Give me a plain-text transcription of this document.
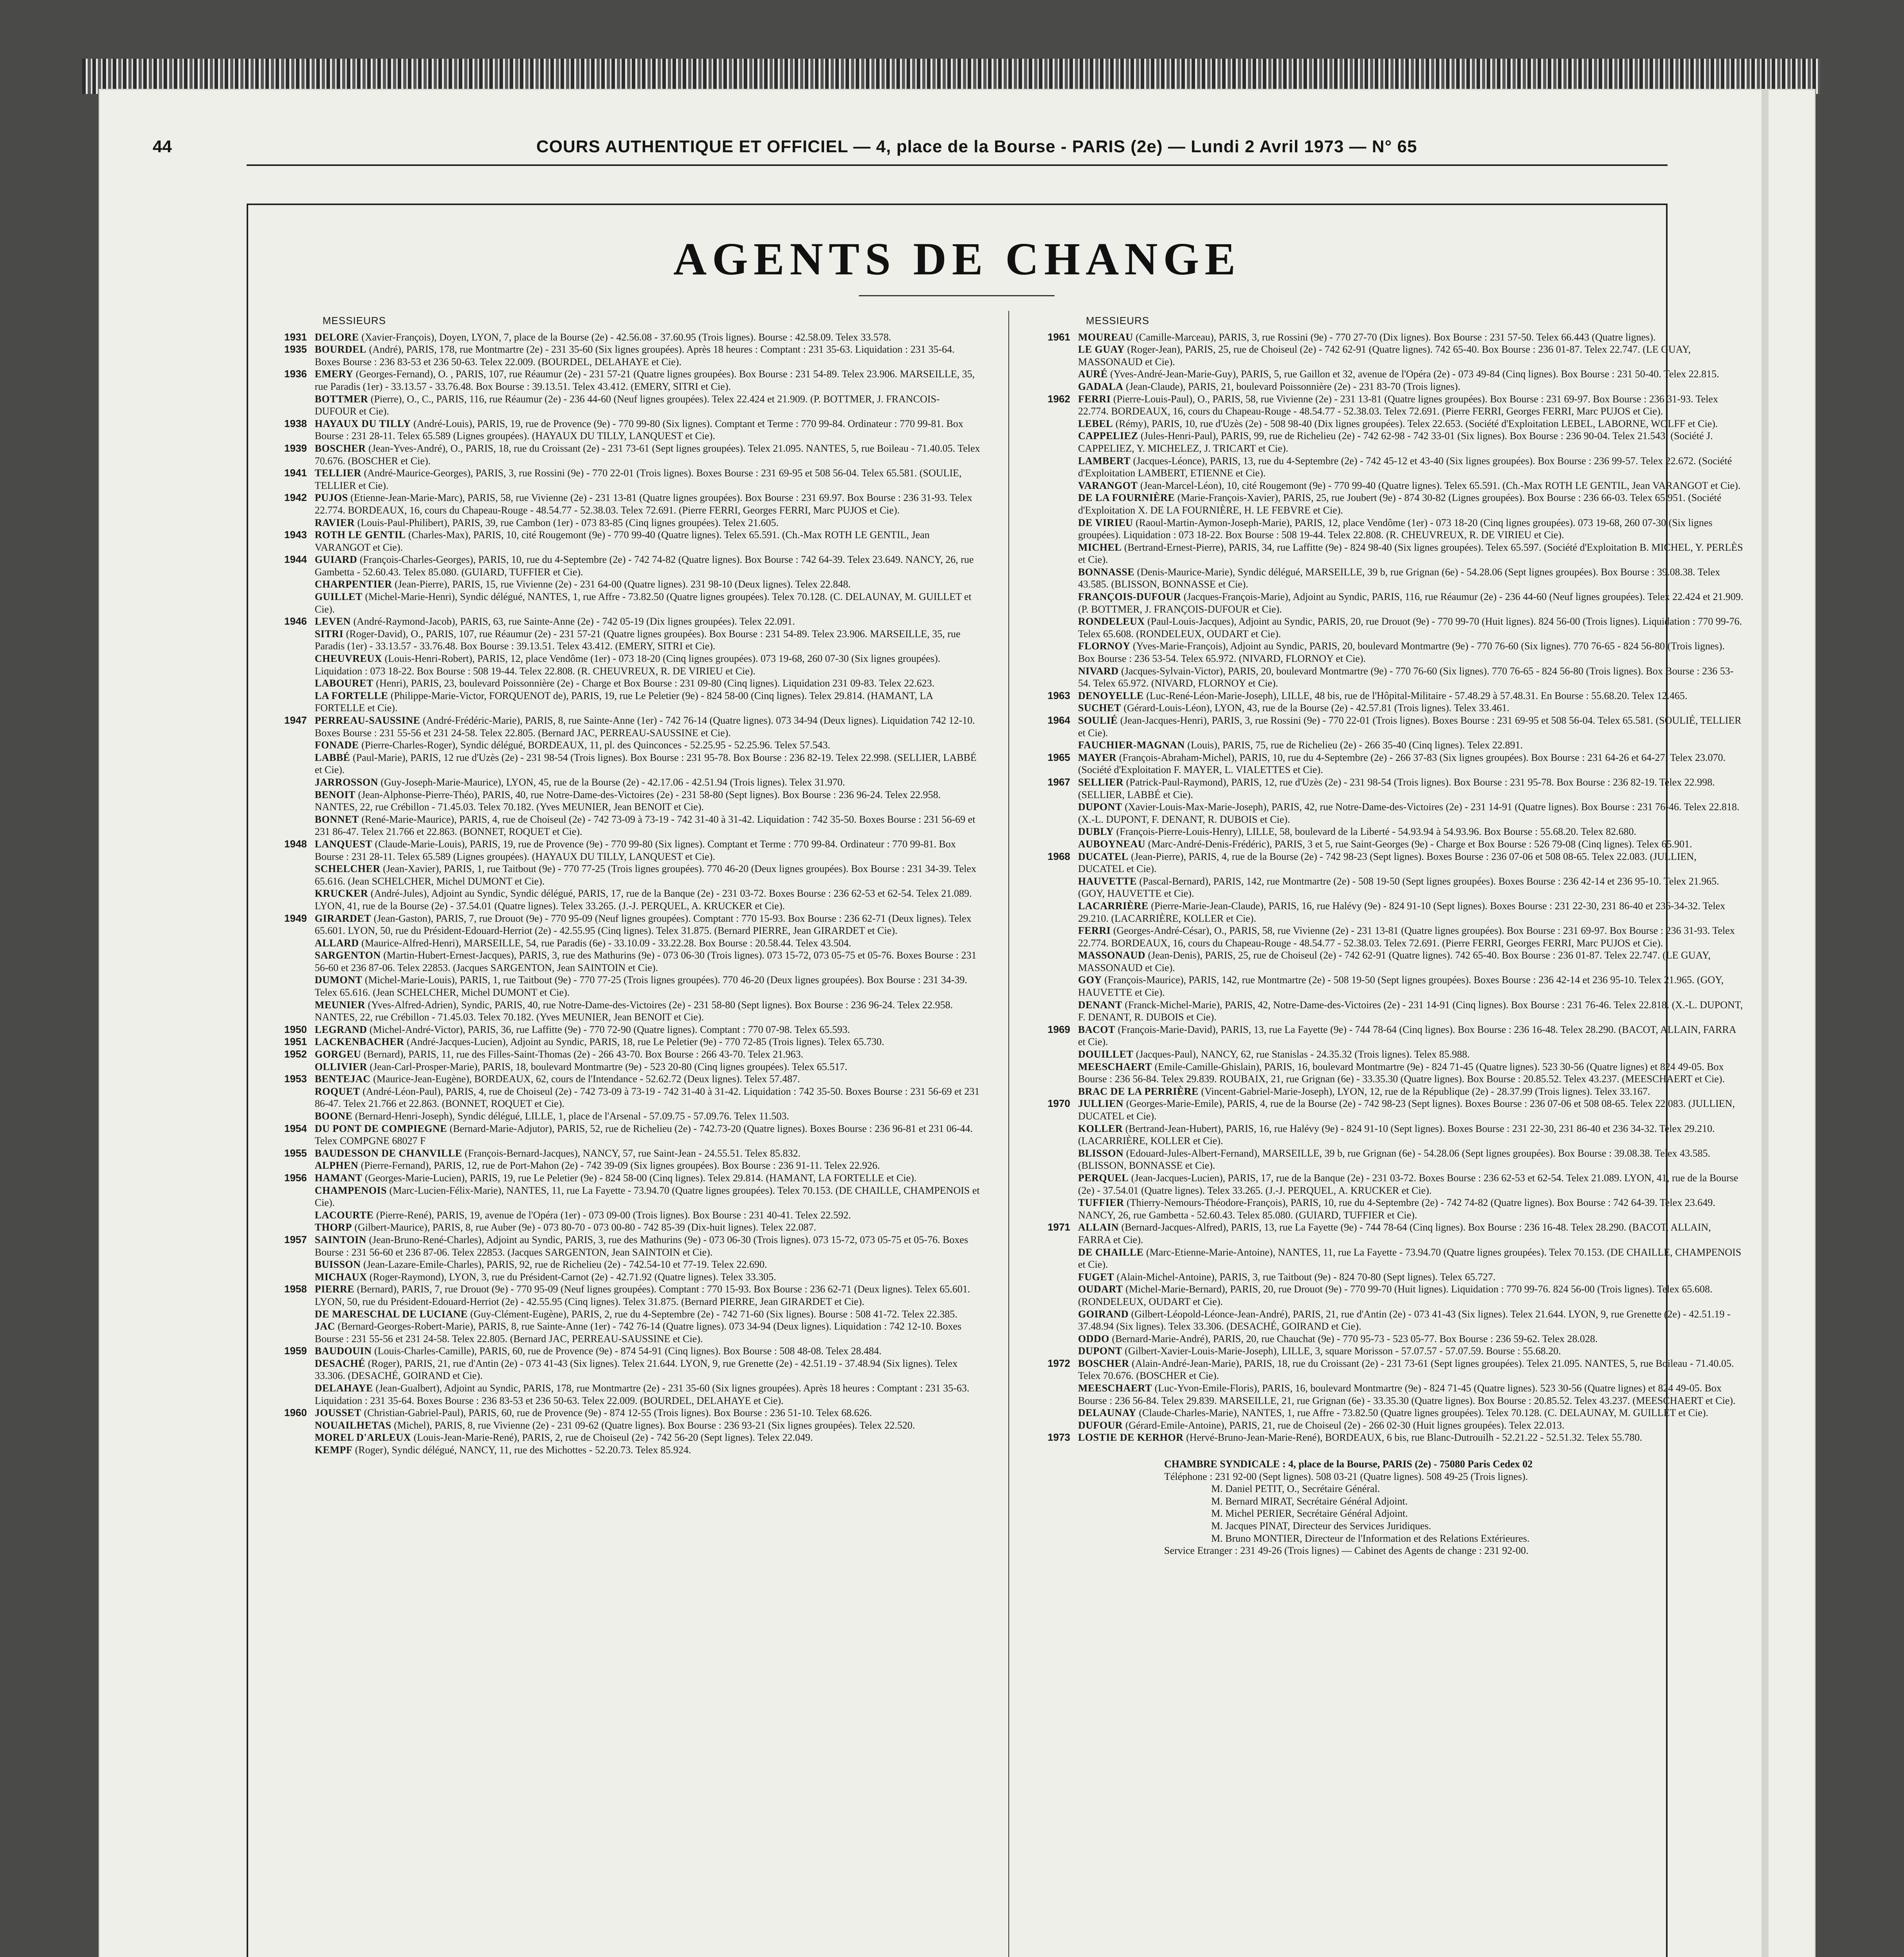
44	COURS AUTHENTIQUE ET OFFICIEL — 4, place de la Bourse - PARIS (2e) — Lundi 2 Avril 1973 — N° 65
AGENTS DE CHANGE
MESSIEURS
1931 DELORE (Xavier-François), Doyen, LYON, 7, place de la Bourse (2e) - 42.56.08 - 37.60.95 (Trois lignes). Bourse : 42.58.09. Telex 33.578.
1935 BOURDEL (André), PARIS, 178, rue Montmartre (2e) - 231 35-60 (Six lignes groupées). Après 18 heures : Comptant : 231 35-63. Liquidation : 231 35-64. Boxes Bourse : 236 83-53 et 236 50-63. Telex 22.009. (BOURDEL, DELAHAYE et Cie).
1936 EMERY (Georges-Fernand), O. , PARIS, 107, rue Réaumur (2e) - 231 57-21 (Quatre lignes groupées). Box Bourse : 231 54-89. Telex 23.906. MARSEILLE, 35, rue Paradis (1er) - 33.13.57 - 33.76.48. Box Bourse : 39.13.51. Telex 43.412. (EMERY, SITRI et Cie).
BOTTMER (Pierre), O., C., PARIS, 116, rue Réaumur (2e) - 236 44-60 (Neuf lignes groupées). Telex 22.424 et 21.909. (P. BOTTMER, J. FRANCOIS-DUFOUR et Cie).
1938 HAYAUX DU TILLY (André-Louis), PARIS, 19, rue de Provence (9e) - 770 99-80 (Six lignes). Comptant et Terme : 770 99-84. Ordinateur : 770 99-81. Box Bourse : 231 28-11. Telex 65.589 (Lignes groupées). (HAYAUX DU TILLY, LANQUEST et Cie).
1939 BOSCHER (Jean-Yves-André), O., PARIS, 18, rue du Croissant (2e) - 231 73-61 (Sept lignes groupées). Telex 21.095. NANTES, 5, rue Boileau - 71.40.05. Telex 70.676. (BOSCHER et Cie).
1941 TELLIER (André-Maurice-Georges), PARIS, 3, rue Rossini (9e) - 770 22-01 (Trois lignes). Boxes Bourse : 231 69-95 et 508 56-04. Telex 65.581. (SOULIE, TELLIER et Cie).
1942 PUJOS (Etienne-Jean-Marie-Marc), PARIS, 58, rue Vivienne (2e) - 231 13-81 (Quatre lignes groupées). Box Bourse : 231 69.97. Box Bourse : 236 31-93. Telex 22.774. BORDEAUX, 16, cours du Chapeau-Rouge - 48.54.77 - 52.38.03. Telex 72.691. (Pierre FERRI, Georges FERRI, Marc PUJOS et Cie).
RAVIER (Louis-Paul-Philibert), PARIS, 39, rue Cambon (1er) - 073 83-85 (Cinq lignes groupées). Telex 21.605.
1943 ROTH LE GENTIL (Charles-Max), PARIS, 10, cité Rougemont (9e) - 770 99-40 (Quatre lignes). Telex 65.591. (Ch.-Max ROTH LE GENTIL, Jean VARANGOT et Cie).
1944 GUIARD (François-Charles-Georges), PARIS, 10, rue du 4-Septembre (2e) - 742 74-82 (Quatre lignes). Box Bourse : 742 64-39. Telex 23.649. NANCY, 26, rue Gambetta - 52.60.43. Telex 85.080. (GUIARD, TUFFIER et Cie).
CHARPENTIER (Jean-Pierre), PARIS, 15, rue Vivienne (2e) - 231 64-00 (Quatre lignes). 231 98-10 (Deux lignes). Telex 22.848.
GUILLET (Michel-Marie-Henri), Syndic délégué, NANTES, 1, rue Affre - 73.82.50 (Quatre lignes groupées). Telex 70.128. (C. DELAUNAY, M. GUILLET et Cie).
1946 LEVEN (André-Raymond-Jacob), PARIS, 63, rue Sainte-Anne (2e) - 742 05-19 (Dix lignes groupées). Telex 22.091.
SITRI (Roger-David), O., PARIS, 107, rue Réaumur (2e) - 231 57-21 (Quatre lignes groupées). Box Bourse : 231 54-89. Telex 23.906. MARSEILLE, 35, rue Paradis (1er) - 33.13.57 - 33.76.48. Box Bourse : 39.13.51. Telex 43.412. (EMERY, SITRI et Cie).
CHEUVREUX (Louis-Henri-Robert), PARIS, 12, place Vendôme (1er) - 073 18-20 (Cinq lignes groupées). 073 19-68, 260 07-30 (Six lignes groupées). Liquidation : 073 18-22. Box Bourse : 508 19-44. Telex 22.808. (R. CHEUVREUX, R. DE VIRIEU et Cie).
LABOURET (Henri), PARIS, 23, boulevard Poissonnière (2e) - Charge et Box Bourse : 231 09-80 (Cinq lignes). Liquidation 231 09-83. Telex 22.623.
LA FORTELLE (Philippe-Marie-Victor, FORQUENOT de), PARIS, 19, rue Le Peletier (9e) - 824 58-00 (Cinq lignes). Telex 29.814. (HAMANT, LA FORTELLE et Cie).
1947 PERREAU-SAUSSINE (André-Frédéric-Marie), PARIS, 8, rue Sainte-Anne (1er) - 742 76-14 (Quatre lignes). 073 34-94 (Deux lignes). Liquidation 742 12-10. Boxes Bourse : 231 55-56 et 231 24-58. Telex 22.805. (Bernard JAC, PERREAU-SAUSSINE et Cie).
FONADE (Pierre-Charles-Roger), Syndic délégué, BORDEAUX, 11, pl. des Quinconces - 52.25.95 - 52.25.96. Telex 57.543.
LABBÉ (Paul-Marie), PARIS, 12 rue d'Uzès (2e) - 231 98-54 (Trois lignes). Box Bourse : 231 95-78. Box Bourse : 236 82-19. Telex 22.998. (SELLIER, LABBÉ et Cie).
JARROSSON (Guy-Joseph-Marie-Maurice), LYON, 45, rue de la Bourse (2e) - 42.17.06 - 42.51.94 (Trois lignes). Telex 31.970.
BENOIT (Jean-Alphonse-Pierre-Théo), PARIS, 40, rue Notre-Dame-des-Victoires (2e) - 231 58-80 (Sept lignes). Box Bourse : 236 96-24. Telex 22.958. NANTES, 22, rue Crébillon - 71.45.03. Telex 70.182. (Yves MEUNIER, Jean BENOIT et Cie).
BONNET (René-Marie-Maurice), PARIS, 4, rue de Choiseul (2e) - 742 73-09 à 73-19 - 742 31-40 à 31-42. Liquidation : 742 35-50. Boxes Bourse : 231 56-69 et 231 86-47. Telex 21.766 et 22.863. (BONNET, ROQUET et Cie).
1948 LANQUEST (Claude-Marie-Louis), PARIS, 19, rue de Provence (9e) - 770 99-80 (Six lignes). Comptant et Terme : 770 99-84. Ordinateur : 770 99-81. Box Bourse : 231 28-11. Telex 65.589 (Lignes groupées). (HAYAUX DU TILLY, LANQUEST et Cie).
SCHELCHER (Jean-Xavier), PARIS, 1, rue Taitbout (9e) - 770 77-25 (Trois lignes groupées). 770 46-20 (Deux lignes groupées). Box Bourse : 231 34-39. Telex 65.616. (Jean SCHELCHER, Michel DUMONT et Cie).
KRUCKER (André-Jules), Adjoint au Syndic, Syndic délégué, PARIS, 17, rue de la Banque (2e) - 231 03-72. Boxes Bourse : 236 62-53 et 62-54. Telex 21.089. LYON, 41, rue de la Bourse (2e) - 37.54.01 (Quatre lignes). Telex 33.265. (J.-J. PERQUEL, A. KRUCKER et Cie).
1949 GIRARDET (Jean-Gaston), PARIS, 7, rue Drouot (9e) - 770 95-09 (Neuf lignes groupées). Comptant : 770 15-93. Box Bourse : 236 62-71 (Deux lignes). Telex 65.601. LYON, 50, rue du Président-Edouard-Herriot (2e) - 42.55.95 (Cinq lignes). Telex 31.875. (Bernard PIERRE, Jean GIRARDET et Cie).
ALLARD (Maurice-Alfred-Henri), MARSEILLE, 54, rue Paradis (6e) - 33.10.09 - 33.22.28. Box Bourse : 20.58.44. Telex 43.504.
SARGENTON (Martin-Hubert-Ernest-Jacques), PARIS, 3, rue des Mathurins (9e) - 073 06-30 (Trois lignes). 073 15-72, 073 05-75 et 05-76. Boxes Bourse : 231 56-60 et 236 87-06. Telex 22853. (Jacques SARGENTON, Jean SAINTOIN et Cie).
DUMONT (Michel-Marie-Louis), PARIS, 1, rue Taitbout (9e) - 770 77-25 (Trois lignes groupées). 770 46-20 (Deux lignes groupées). Box Bourse : 231 34-39. Telex 65.616. (Jean SCHELCHER, Michel DUMONT et Cie).
MEUNIER (Yves-Alfred-Adrien), Syndic, PARIS, 40, rue Notre-Dame-des-Victoires (2e) - 231 58-80 (Sept lignes). Box Bourse : 236 96-24. Telex 22.958. NANTES, 22, rue Crébillon - 71.45.03. Telex 70.182. (Yves MEUNIER, Jean BENOIT et Cie).
1950 LEGRAND (Michel-André-Victor), PARIS, 36, rue Laffitte (9e) - 770 72-90 (Quatre lignes). Comptant : 770 07-98. Telex 65.593.
1951 LACKENBACHER (André-Jacques-Lucien), Adjoint au Syndic, PARIS, 18, rue Le Peletier (9e) - 770 72-85 (Trois lignes). Telex 65.730.
1952 GORGEU (Bernard), PARIS, 11, rue des Filles-Saint-Thomas (2e) - 266 43-70. Box Bourse : 266 43-70. Telex 21.963.
OLLIVIER (Jean-Carl-Prosper-Marie), PARIS, 18, boulevard Montmartre (9e) - 523 20-80 (Cinq lignes groupées). Telex 65.517.
1953 BENTEJAC (Maurice-Jean-Eugène), BORDEAUX, 62, cours de l'Intendance - 52.62.72 (Deux lignes). Telex 57.487.
ROQUET (André-Léon-Paul), PARIS, 4, rue de Choiseul (2e) - 742 73-09 à 73-19 - 742 31-40 à 31-42. Liquidation : 742 35-50. Boxes Bourse : 231 56-69 et 231 86-47. Telex 21.766 et 22.863. (BONNET, ROQUET et Cie).
BOONE (Bernard-Henri-Joseph), Syndic délégué, LILLE, 1, place de l'Arsenal - 57.09.75 - 57.09.76. Telex 11.503.
1954 DU PONT DE COMPIEGNE (Bernard-Marie-Adjutor), PARIS, 52, rue de Richelieu (2e) - 742.73-20 (Quatre lignes). Boxes Bourse : 236 96-81 et 231 06-44. Telex COMPGNE 68027 F
1955 BAUDESSON DE CHANVILLE (François-Bernard-Jacques), NANCY, 57, rue Saint-Jean - 24.55.51. Telex 85.832.
ALPHEN (Pierre-Fernand), PARIS, 12, rue de Port-Mahon (2e) - 742 39-09 (Six lignes groupées). Box Bourse : 236 91-11. Telex 22.926.
1956 HAMANT (Georges-Marie-Lucien), PARIS, 19, rue Le Peletier (9e) - 824 58-00 (Cinq lignes). Telex 29.814. (HAMANT, LA FORTELLE et Cie).
CHAMPENOIS (Marc-Lucien-Félix-Marie), NANTES, 11, rue La Fayette - 73.94.70 (Quatre lignes groupées). Telex 70.153. (DE CHAILLE, CHAMPENOIS et Cie).
LACOURTE (Pierre-René), PARIS, 19, avenue de l'Opéra (1er) - 073 09-00 (Trois lignes). Box Bourse : 231 40-41. Telex 22.592.
THORP (Gilbert-Maurice), PARIS, 8, rue Auber (9e) - 073 80-70 - 073 00-80 - 742 85-39 (Dix-huit lignes). Telex 22.087.
1957 SAINTOIN (Jean-Bruno-René-Charles), Adjoint au Syndic, PARIS, 3, rue des Mathurins (9e) - 073 06-30 (Trois lignes). 073 15-72, 073 05-75 et 05-76. Boxes Bourse : 231 56-60 et 236 87-06. Telex 22853. (Jacques SARGENTON, Jean SAINTOIN et Cie).
BUISSON (Jean-Lazare-Emile-Charles), PARIS, 92, rue de Richelieu (2e) - 742.54-10 et 77-19. Telex 22.690.
MICHAUX (Roger-Raymond), LYON, 3, rue du Président-Carnot (2e) - 42.71.92 (Quatre lignes). Telex 33.305.
1958 PIERRE (Bernard), PARIS, 7, rue Drouot (9e) - 770 95-09 (Neuf lignes groupées). Comptant : 770 15-93. Box Bourse : 236 62-71 (Deux lignes). Telex 65.601. LYON, 50, rue du Président-Edouard-Herriot (2e) - 42.55.95 (Cinq lignes). Telex 31.875. (Bernard PIERRE, Jean GIRARDET et Cie).
DE MARESCHAL DE LUCIANE (Guy-Clément-Eugène), PARIS, 2, rue du 4-Septembre (2e) - 742 71-60 (Six lignes). Bourse : 508 41-72. Telex 22.385.
JAC (Bernard-Georges-Robert-Marie), PARIS, 8, rue Sainte-Anne (1er) - 742 76-14 (Quatre lignes). 073 34-94 (Deux lignes). Liquidation : 742 12-10. Boxes Bourse : 231 55-56 et 231 24-58. Telex 22.805. (Bernard JAC, PERREAU-SAUSSINE et Cie).
1959 BAUDOUIN (Louis-Charles-Camille), PARIS, 60, rue de Provence (9e) - 874 54-91 (Cinq lignes). Box Bourse : 508 48-08. Telex 28.484.
DESACHÉ (Roger), PARIS, 21, rue d'Antin (2e) - 073 41-43 (Six lignes). Telex 21.644. LYON, 9, rue Grenette (2e) - 42.51.19 - 37.48.94 (Six lignes). Telex 33.306. (DESACHÉ, GOIRAND et Cie).
DELAHAYE (Jean-Gualbert), Adjoint au Syndic, PARIS, 178, rue Montmartre (2e) - 231 35-60 (Six lignes groupées). Après 18 heures : Comptant : 231 35-63. Liquidation : 231 35-64. Boxes Bourse : 236 83-53 et 236 50-63. Telex 22.009. (BOURDEL, DELAHAYE et Cie).
1960 JOUSSET (Christian-Gabriel-Paul), PARIS, 60, rue de Provence (9e) - 874 12-55 (Trois lignes). Box Bourse : 236 51-10. Telex 68.626.
NOUAILHETAS (Michel), PARIS, 8, rue Vivienne (2e) - 231 09-62 (Quatre lignes). Box Bourse : 236 93-21 (Six lignes groupées). Telex 22.520.
MOREL D'ARLEUX (Louis-Jean-Marie-René), PARIS, 2, rue de Choiseul (2e) - 742 56-20 (Sept lignes). Telex 22.049.
KEMPF (Roger), Syndic délégué, NANCY, 11, rue des Michottes - 52.20.73. Telex 85.924.
MESSIEURS
1961 MOUREAU (Camille-Marceau), PARIS, 3, rue Rossini (9e) - 770 27-70 (Dix lignes). Box Bourse : 231 57-50. Telex 66.443 (Quatre lignes).
LE GUAY (Roger-Jean), PARIS, 25, rue de Choiseul (2e) - 742 62-91 (Quatre lignes). 742 65-40. Box Bourse : 236 01-87. Telex 22.747. (LE GUAY, MASSONAUD et Cie).
AURÉ (Yves-André-Jean-Marie-Guy), PARIS, 5, rue Gaillon et 32, avenue de l'Opéra (2e) - 073 49-84 (Cinq lignes). Box Bourse : 231 50-40. Telex 22.815.
GADALA (Jean-Claude), PARIS, 21, boulevard Poissonnière (2e) - 231 83-70 (Trois lignes).
1962 FERRI (Pierre-Louis-Paul), O., PARIS, 58, rue Vivienne (2e) - 231 13-81 (Quatre lignes groupées). Box Bourse : 231 69-97. Box Bourse : 236 31-93. Telex 22.774. BORDEAUX, 16, cours du Chapeau-Rouge - 48.54.77 - 52.38.03. Telex 72.691. (Pierre FERRI, Georges FERRI, Marc PUJOS et Cie).
LEBEL (Rémy), PARIS, 10, rue d'Uzès (2e) - 508 98-40 (Dix lignes groupées). Telex 22.653. (Société d'Exploitation LEBEL, LABORNE, WOLFF et Cie).
CAPPELIEZ (Jules-Henri-Paul), PARIS, 99, rue de Richelieu (2e) - 742 62-98 - 742 33-01 (Six lignes). Box Bourse : 236 90-04. Telex 21.543. (Société J. CAPPELIEZ, Y. MICHELEZ, J. TRICART et Cie).
LAMBERT (Jacques-Léonce), PARIS, 13, rue du 4-Septembre (2e) - 742 45-12 et 43-40 (Six lignes groupées). Box Bourse : 236 99-57. Telex 22.672. (Société d'Exploitation LAMBERT, ETIENNE et Cie).
VARANGOT (Jean-Marcel-Léon), 10, cité Rougemont (9e) - 770 99-40 (Quatre lignes). Telex 65.591. (Ch.-Max ROTH LE GENTIL, Jean VARANGOT et Cie).
DE LA FOURNIÈRE (Marie-François-Xavier), PARIS, 25, rue Joubert (9e) - 874 30-82 (Lignes groupées). Box Bourse : 236 66-03. Telex 65.951. (Société d'Exploitation X. DE LA FOURNIÈRE, H. LE FEBVRE et Cie).
DE VIRIEU (Raoul-Martin-Aymon-Joseph-Marie), PARIS, 12, place Vendôme (1er) - 073 18-20 (Cinq lignes groupées). 073 19-68, 260 07-30 (Six lignes groupées). Liquidation : 073 18-22. Box Bourse : 508 19-44. Telex 22.808. (R. CHEUVREUX, R. DE VIRIEU et Cie).
MICHEL (Bertrand-Ernest-Pierre), PARIS, 34, rue Laffitte (9e) - 824 98-40 (Six lignes groupées). Telex 65.597. (Société d'Exploitation B. MICHEL, Y. PERLÈS et Cie).
BONNASSE (Denis-Maurice-Marie), Syndic délégué, MARSEILLE, 39 b, rue Grignan (6e) - 54.28.06 (Sept lignes groupées). Box Bourse : 39.08.38. Telex 43.585. (BLISSON, BONNASSE et Cie).
FRANÇOIS-DUFOUR (Jacques-François-Marie), Adjoint au Syndic, PARIS, 116, rue Réaumur (2e) - 236 44-60 (Neuf lignes groupées). Telex 22.424 et 21.909. (P. BOTTMER, J. FRANÇOIS-DUFOUR et Cie).
RONDELEUX (Paul-Louis-Jacques), Adjoint au Syndic, PARIS, 20, rue Drouot (9e) - 770 99-70 (Huit lignes). 824 56-00 (Trois lignes). Liquidation : 770 99-76. Telex 65.608. (RONDELEUX, OUDART et Cie).
FLORNOY (Yves-Marie-François), Adjoint au Syndic, PARIS, 20, boulevard Montmartre (9e) - 770 76-60 (Six lignes). 770 76-65 - 824 56-80 (Trois lignes). Box Bourse : 236 53-54. Telex 65.972. (NIVARD, FLORNOY et Cie).
NIVARD (Jacques-Sylvain-Victor), PARIS, 20, boulevard Montmartre (9e) - 770 76-60 (Six lignes). 770 76-65 - 824 56-80 (Trois lignes). Box Bourse : 236 53-54. Telex 65.972. (NIVARD, FLORNOY et Cie).
1963 DENOYELLE (Luc-René-Léon-Marie-Joseph), LILLE, 48 bis, rue de l'Hôpital-Militaire - 57.48.29 à 57.48.31. En Bourse : 55.68.20. Telex 12.465.
SUCHET (Gérard-Louis-Léon), LYON, 43, rue de la Bourse (2e) - 42.57.81 (Trois lignes). Telex 33.461.
1964 SOULIÉ (Jean-Jacques-Henri), PARIS, 3, rue Rossini (9e) - 770 22-01 (Trois lignes). Boxes Bourse : 231 69-95 et 508 56-04. Telex 65.581. (SOULIÉ, TELLIER et Cie).
FAUCHIER-MAGNAN (Louis), PARIS, 75, rue de Richelieu (2e) - 266 35-40 (Cinq lignes). Telex 22.891.
1965 MAYER (François-Abraham-Michel), PARIS, 10, rue du 4-Septembre (2e) - 266 37-83 (Six lignes groupées). Box Bourse : 231 64-26 et 64-27. Telex 23.070. (Société d'Exploitation F. MAYER, L. VIALETTES et Cie).
1967 SELLIER (Patrick-Paul-Raymond), PARIS, 12, rue d'Uzès (2e) - 231 98-54 (Trois lignes). Box Bourse : 231 95-78. Box Bourse : 236 82-19. Telex 22.998. (SELLIER, LABBÉ et Cie).
DUPONT (Xavier-Louis-Max-Marie-Joseph), PARIS, 42, rue Notre-Dame-des-Victoires (2e) - 231 14-91 (Quatre lignes). Box Bourse : 231 76-46. Telex 22.818. (X.-L. DUPONT, F. DENANT, R. DUBOIS et Cie).
DUBLY (François-Pierre-Louis-Henry), LILLE, 58, boulevard de la Liberté - 54.93.94 à 54.93.96. Box Bourse : 55.68.20. Telex 82.680.
AUBOYNEAU (Marc-André-Denis-Frédéric), PARIS, 3 et 5, rue Saint-Georges (9e) - Charge et Box Bourse : 526 79-08 (Cinq lignes). Telex 65.901.
1968 DUCATEL (Jean-Pierre), PARIS, 4, rue de la Bourse (2e) - 742 98-23 (Sept lignes). Boxes Bourse : 236 07-06 et 508 08-65. Telex 22.083. (JULLIEN, DUCATEL et Cie).
HAUVETTE (Pascal-Bernard), PARIS, 142, rue Montmartre (2e) - 508 19-50 (Sept lignes groupées). Boxes Bourse : 236 42-14 et 236 95-10. Telex 21.965. (GOY, HAUVETTE et Cie).
LACARRIÈRE (Pierre-Marie-Jean-Claude), PARIS, 16, rue Halévy (9e) - 824 91-10 (Sept lignes). Boxes Bourse : 231 22-30, 231 86-40 et 236-34-32. Telex 29.210. (LACARRIÈRE, KOLLER et Cie).
FERRI (Georges-André-César), O., PARIS, 58, rue Vivienne (2e) - 231 13-81 (Quatre lignes groupées). Box Bourse : 231 69-97. Box Bourse : 236 31-93. Telex 22.774. BORDEAUX, 16, cours du Chapeau-Rouge - 48.54.77 - 52.38.03. Telex 72.691. (Pierre FERRI, Georges FERRI, Marc PUJOS et Cie).
MASSONAUD (Jean-Denis), PARIS, 25, rue de Choiseul (2e) - 742 62-91 (Quatre lignes). 742 65-40. Box Bourse : 236 01-87. Telex 22.747. (LE GUAY, MASSONAUD et Cie).
GOY (François-Maurice), PARIS, 142, rue Montmartre (2e) - 508 19-50 (Sept lignes groupées). Boxes Bourse : 236 42-14 et 236 95-10. Telex 21.965. (GOY, HAUVETTE et Cie).
DENANT (Franck-Michel-Marie), PARIS, 42, Notre-Dame-des-Victoires (2e) - 231 14-91 (Cinq lignes). Box Bourse : 231 76-46. Telex 22.818. (X.-L. DUPONT, F. DENANT, R. DUBOIS et Cie).
1969 BACOT (François-Marie-David), PARIS, 13, rue La Fayette (9e) - 744 78-64 (Cinq lignes). Box Bourse : 236 16-48. Telex 28.290. (BACOT, ALLAIN, FARRA et Cie).
DOUILLET (Jacques-Paul), NANCY, 62, rue Stanislas - 24.35.32 (Trois lignes). Telex 85.988.
MEESCHAERT (Emile-Camille-Ghislain), PARIS, 16, boulevard Montmartre (9e) - 824 71-45 (Quatre lignes). 523 30-56 (Quatre lignes) et 824 49-05. Box Bourse : 236 56-84. Telex 29.839. ROUBAIX, 21, rue Grignan (6e) - 33.35.30 (Quatre lignes). Box Bourse : 20.85.52. Telex 43.237. (MEESCHAERT et Cie).
BRAC DE LA PERRIÈRE (Vincent-Gabriel-Marie-Joseph), LYON, 12, rue de la République (2e) - 28.37.99 (Trois lignes). Telex 33.167.
1970 JULLIEN (Georges-Marie-Emile), PARIS, 4, rue de la Bourse (2e) - 742 98-23 (Sept lignes). Boxes Bourse : 236 07-06 et 508 08-65. Telex 22.083. (JULLIEN, DUCATEL et Cie).
KOLLER (Bertrand-Jean-Hubert), PARIS, 16, rue Halévy (9e) - 824 91-10 (Sept lignes). Boxes Bourse : 231 22-30, 231 86-40 et 236 34-32. Telex 29.210. (LACARRIÈRE, KOLLER et Cie).
BLISSON (Edouard-Jules-Albert-Fernand), MARSEILLE, 39 b, rue Grignan (6e) - 54.28.06 (Sept lignes groupées). Box Bourse : 39.08.38. Telex 43.585. (BLISSON, BONNASSE et Cie).
PERQUEL (Jean-Jacques-Lucien), PARIS, 17, rue de la Banque (2e) - 231 03-72. Boxes Bourse : 236 62-53 et 62-54. Telex 21.089. LYON, 41, rue de la Bourse (2e) - 37.54.01 (Quatre lignes). Telex 33.265. (J.-J. PERQUEL, A. KRUCKER et Cie).
TUFFIER (Thierry-Nemours-Théodore-François), PARIS, 10, rue du 4-Septembre (2e) - 742 74-82 (Quatre lignes). Box Bourse : 742 64-39. Telex 23.649. NANCY, 26, rue Gambetta - 52.60.43. Telex 85.080. (GUIARD, TUFFIER et Cie).
1971 ALLAIN (Bernard-Jacques-Alfred), PARIS, 13, rue La Fayette (9e) - 744 78-64 (Cinq lignes). Box Bourse : 236 16-48. Telex 28.290. (BACOT, ALLAIN, FARRA et Cie).
DE CHAILLE (Marc-Etienne-Marie-Antoine), NANTES, 11, rue La Fayette - 73.94.70 (Quatre lignes groupées). Telex 70.153. (DE CHAILLE, CHAMPENOIS et Cie).
FUGET (Alain-Michel-Antoine), PARIS, 3, rue Taitbout (9e) - 824 70-80 (Sept lignes). Telex 65.727.
OUDART (Michel-Marie-Bernard), PARIS, 20, rue Drouot (9e) - 770 99-70 (Huit lignes). Liquidation : 770 99-76. 824 56-00 (Trois lignes). Telex 65.608. (RONDELEUX, OUDART et Cie).
GOIRAND (Gilbert-Léopold-Léonce-Jean-André), PARIS, 21, rue d'Antin (2e) - 073 41-43 (Six lignes). Telex 21.644. LYON, 9, rue Grenette (2e) - 42.51.19 - 37.48.94 (Six lignes). Telex 33.306. (DESACHÉ, GOIRAND et Cie).
ODDO (Bernard-Marie-André), PARIS, 20, rue Chauchat (9e) - 770 95-73 - 523 05-77. Box Bourse : 236 59-62. Telex 28.028.
DUPONT (Gilbert-Xavier-Louis-Marie-Joseph), LILLE, 3, square Morisson - 57.07.57 - 57.07.59. Bourse : 55.68.20.
1972 BOSCHER (Alain-André-Jean-Marie), PARIS, 18, rue du Croissant (2e) - 231 73-61 (Sept lignes groupées). Telex 21.095. NANTES, 5, rue Boileau - 71.40.05. Telex 70.676. (BOSCHER et Cie).
MEESCHAERT (Luc-Yvon-Emile-Floris), PARIS, 16, boulevard Montmartre (9e) - 824 71-45 (Quatre lignes). 523 30-56 (Quatre lignes) et 824 49-05. Box Bourse : 236 56-84. Telex 29.839. MARSEILLE, 21, rue Grignan (6e) - 33.35.30 (Quatre lignes). Box Bourse : 20.85.52. Telex 43.237. (MEESCHAERT et Cie).
DELAUNAY (Claude-Charles-Marie), NANTES, 1, rue Affre - 73.82.50 (Quatre lignes groupées). Telex 70.128. (C. DELAUNAY, M. GUILLET et Cie).
DUFOUR (Gérard-Emile-Antoine), PARIS, 21, rue de Choiseul (2e) - 266 02-30 (Huit lignes groupées). Telex 22.013.
1973 LOSTIE DE KERHOR (Hervé-Bruno-Jean-Marie-René), BORDEAUX, 6 bis, rue Blanc-Dutrouilh - 52.21.22 - 52.51.32. Telex 55.780.
CHAMBRE SYNDICALE : 4, place de la Bourse, PARIS (2e) - 75080 Paris Cedex 02
Téléphone : 231 92-00 (Sept lignes). 508 03-21 (Quatre lignes). 508 49-25 (Trois lignes).
M. Daniel PETIT, O., Secrétaire Général.
M. Bernard MIRAT, Secrétaire Général Adjoint.
M. Michel PERIER, Secrétaire Général Adjoint.
M. Jacques PINAT, Directeur des Services Juridiques.
M. Bruno MONTIER, Directeur de l'Information et des Relations Extérieures.
Service Etranger : 231 49-26 (Trois lignes) — Cabinet des Agents de change : 231 92-00.
